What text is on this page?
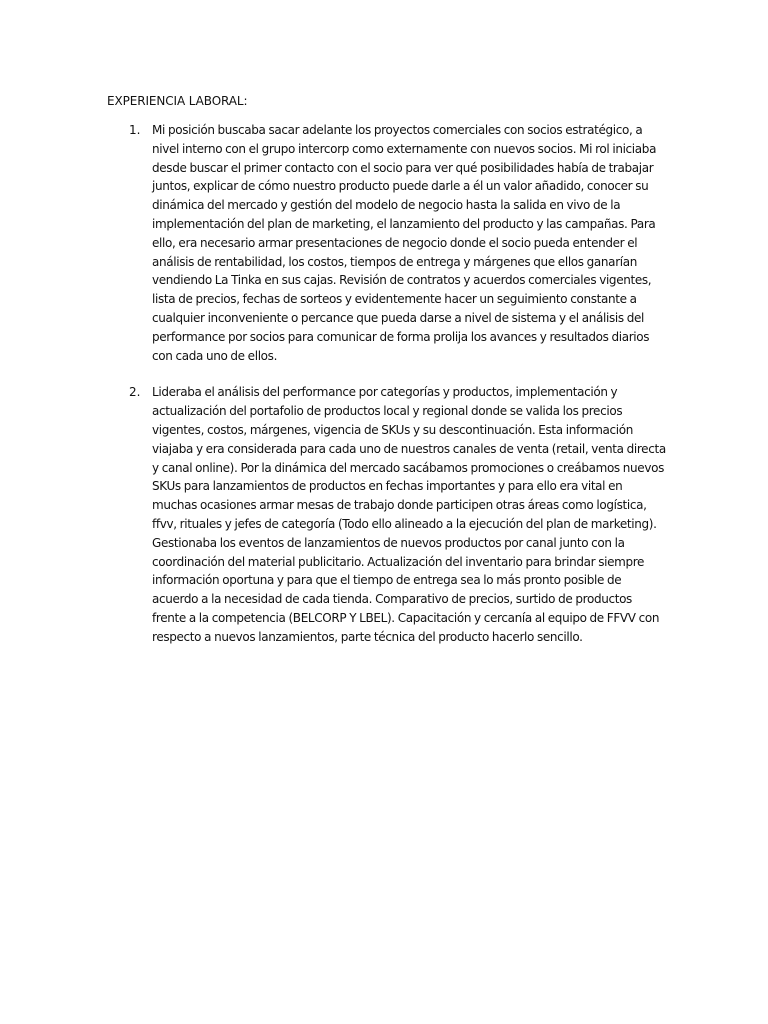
EXPERIENCIA LABORAL:
1. Mi posición buscaba sacar adelante los proyectos comerciales con socios estratégico, a
nivel interno con el grupo intercorp como externamente con nuevos socios. Mi rol iniciaba
desde buscar el primer contacto con el socio para ver qué posibilidades había de trabajar
juntos, explicar de cómo nuestro producto puede darle a él un valor añadido, conocer su
dinámica del mercado y gestión del modelo de negocio hasta la salida en vivo de la
implementación del plan de marketing, el lanzamiento del producto y las campañas. Para
ello, era necesario armar presentaciones de negocio donde el socio pueda entender el
análisis de rentabilidad, los costos, tiempos de entrega y márgenes que ellos ganarían
vendiendo La Tinka en sus cajas. Revisión de contratos y acuerdos comerciales vigentes,
lista de precios, fechas de sorteos y evidentemente hacer un seguimiento constante a
cualquier inconveniente o percance que pueda darse a nivel de sistema y el análisis del
performance por socios para comunicar de forma prolija los avances y resultados diarios
con cada uno de ellos.
2. Lideraba el análisis del performance por categorías y productos, implementación y
actualización del portafolio de productos local y regional donde se valida los precios
vigentes, costos, márgenes, vigencia de SKUs y su descontinuación. Esta información
viajaba y era considerada para cada uno de nuestros canales de venta (retail, venta directa
y canal online). Por la dinámica del mercado sacábamos promociones o creábamos nuevos
SKUs para lanzamientos de productos en fechas importantes y para ello era vital en
muchas ocasiones armar mesas de trabajo donde participen otras áreas como logística,
ffvv, rituales y jefes de categoría (Todo ello alineado a la ejecución del plan de marketing).
Gestionaba los eventos de lanzamientos de nuevos productos por canal junto con la
coordinación del material publicitario. Actualización del inventario para brindar siempre
información oportuna y para que el tiempo de entrega sea lo más pronto posible de
acuerdo a la necesidad de cada tienda. Comparativo de precios, surtido de productos
frente a la competencia (BELCORP Y LBEL). Capacitación y cercanía al equipo de FFVV con
respecto a nuevos lanzamientos, parte técnica del producto hacerlo sencillo.
